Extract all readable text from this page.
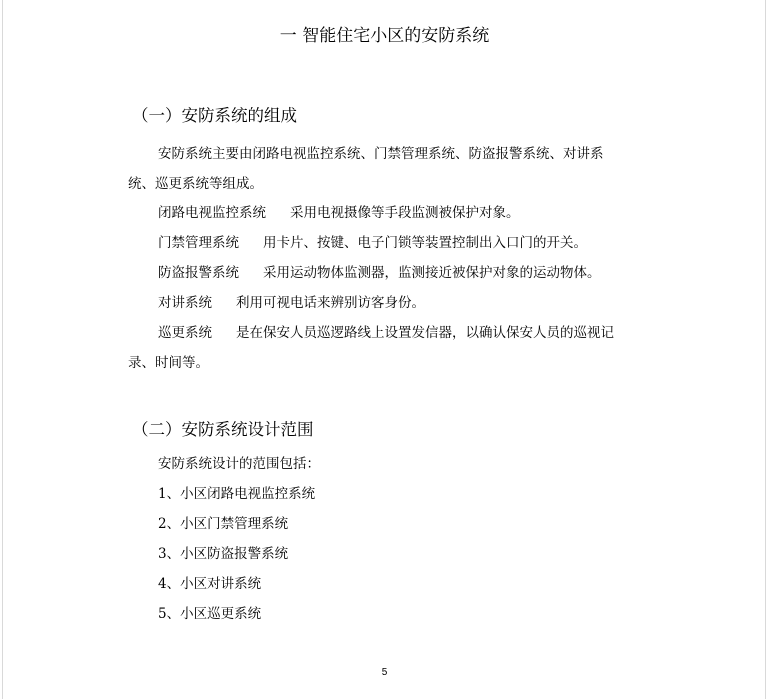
一 智能住宅小区的安防系统
（一）安防系统的组成
安防系统主要由闭路电视监控系统、门禁管理系统、防盗报警系统、对讲系
统、巡更系统等组成。
闭路电视监控系统 采用电视摄像等手段监测被保护对象。
门禁管理系统 用卡片、按键、电子门锁等装置控制出入口门的开关。
防盗报警系统 采用运动物体监测器，监测接近被保护对象的运动物体。
对讲系统 利用可视电话来辨别访客身份。
巡更系统 是在保安人员巡逻路线上设置发信器，以确认保安人员的巡视记
录、时间等。
（二）安防系统设计范围
安防系统设计的范围包括：
1、小区闭路电视监控系统
2、小区门禁管理系统
3、小区防盗报警系统
4、小区对讲系统
5、小区巡更系统
5
